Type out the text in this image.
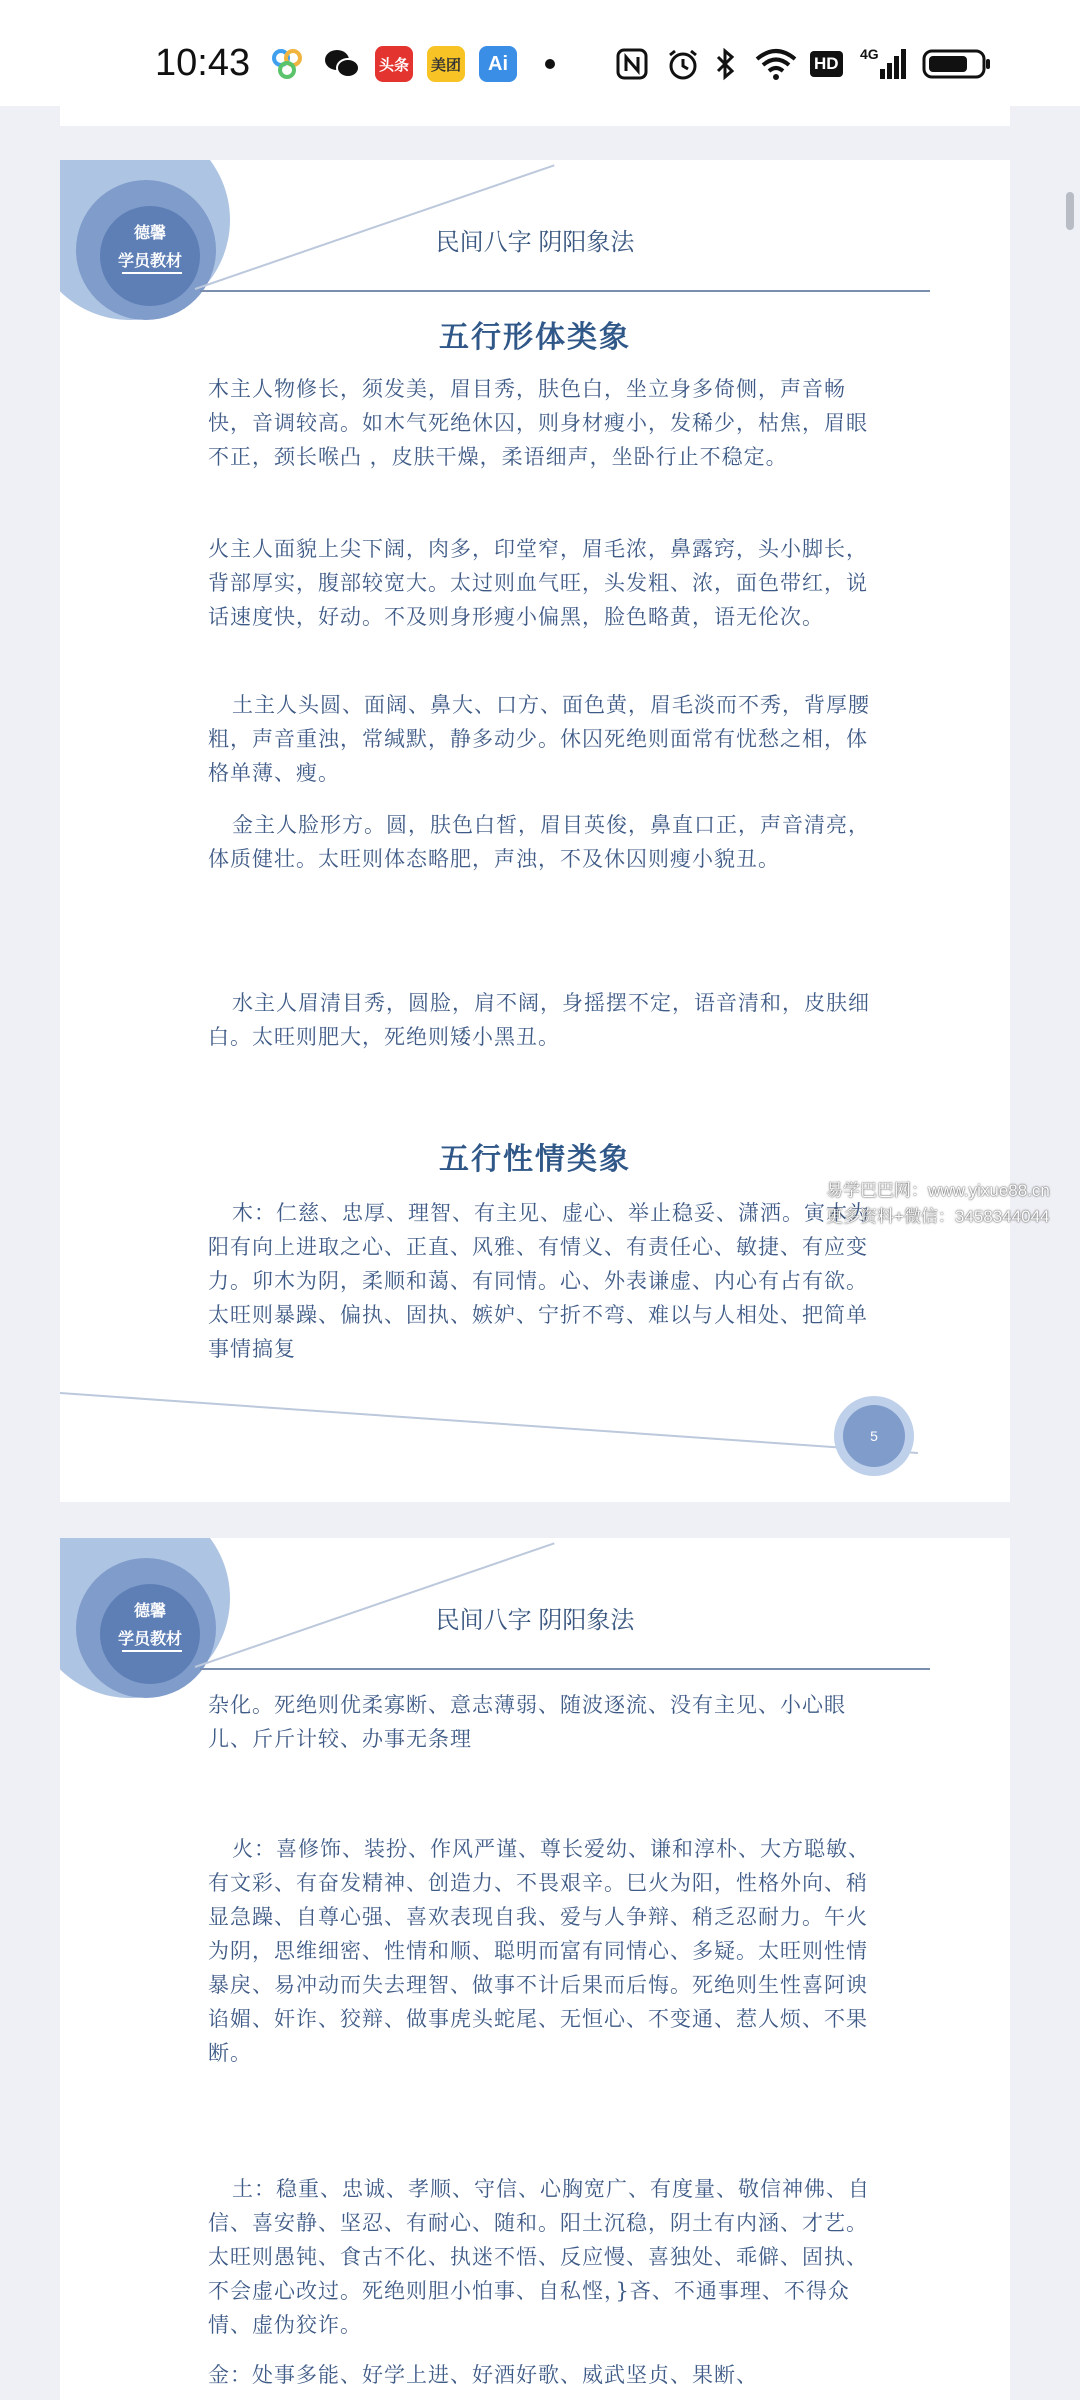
10:43	头条 美团	Ai	HD 4G
德馨
学员教材
民间八字 阴阳象法
五行形体类象
木主人物修长，须发美，眉目秀，肤色白，坐立身多倚侧，声音畅快，音调较高。如木气死绝休囚，则身材瘦小，发稀少，枯焦，眉眼不正，颈长喉凸 ，皮肤干燥，柔语细声，坐卧行止不稳定。
火主人面貌上尖下阔，肉多，印堂窄，眉毛浓，鼻露窍，头小脚长，背部厚实，腹部较宽大。太过则血气旺，头发粗、浓，面色带红，说话速度快，好动。不及则身形瘦小偏黑，脸色略黄，语无伦次。
土主人头圆、面阔、鼻大、口方、面色黄，眉毛淡而不秀，背厚腰粗，声音重浊，常缄默，静多动少。休囚死绝则面常有忧愁之相，体格单薄、瘦。
金主人脸形方。圆，肤色白皙，眉目英俊，鼻直口正，声音清亮，体质健壮。太旺则体态略肥，声浊，不及休囚则瘦小貌丑。
水主人眉清目秀，圆脸，肩不阔，身摇摆不定，语音清和，皮肤细白。太旺则肥大，死绝则矮小黑丑。
五行性情类象
木：仁慈、忠厚、理智、有主见、虚心、举止稳妥、潇洒。寅木为阳有向上进取之心、正直、风雅、有情义、有责任心、敏捷、有应变力。卯木为阴，柔顺和蔼、有同情。心、外表谦虚、内心有占有欲。太旺则暴躁、偏执、固执、嫉妒、宁折不弯、难以与人相处、把简单事情搞复
5
易学巴巴网：www.yixue88.cn
更多资料+微信：3458344044
德馨
学员教材
民间八字 阴阳象法
杂化。死绝则优柔寡断、意志薄弱、随波逐流、没有主见、小心眼儿、斤斤计较、办事无条理
火：喜修饰、装扮、作风严谨、尊长爱幼、谦和淳朴、大方聪敏、有文彩、有奋发精神、创造力、不畏艰辛。巳火为阳，性格外向、稍显急躁、自尊心强、喜欢表现自我、爱与人争辩、稍乏忍耐力。午火为阴，思维细密、性情和顺、聪明而富有同情心、多疑。太旺则性情暴戾、易冲动而失去理智、做事不计后果而后悔。死绝则生性喜阿谀谄媚、奸诈、狡辩、做事虎头蛇尾、无恒心、不变通、惹人烦、不果断。
土：稳重、忠诚、孝顺、守信、心胸宽广、有度量、敬信神佛、自信、喜安静、坚忍、有耐心、随和。阳土沉稳，阴土有内涵、才艺。太旺则愚钝、食古不化、执迷不悟、反应慢、喜独处、乖僻、固执、不会虚心改过。死绝则胆小怕事、自私悭，}吝、不通事理、不得众情、虚伪狡诈。
金：处事多能、好学上进、好酒好歌、威武坚贞、果断、
